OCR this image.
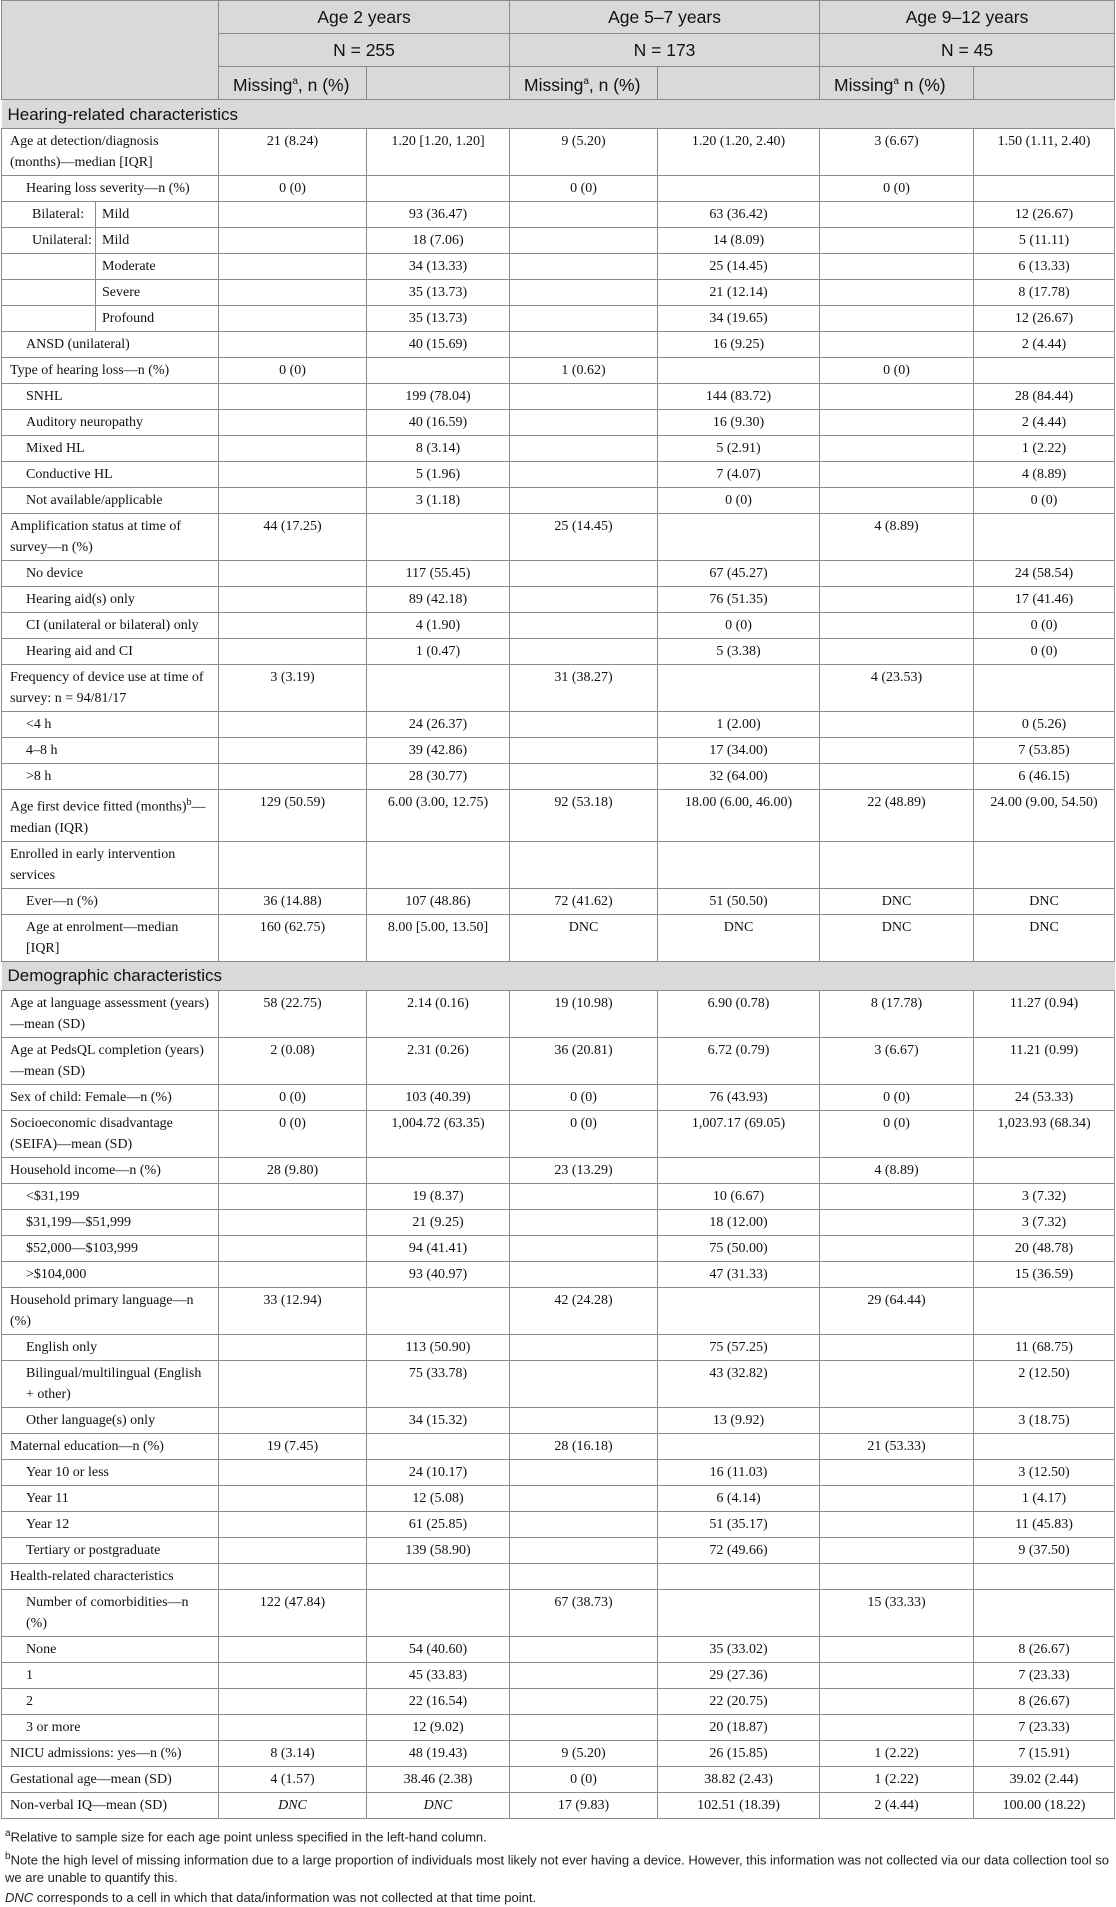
	Age 2 years		Age 5–7 years		Age 9–12 years	
	N = 255		N = 173		N = 45	
	Missing$^a$, n (%)		Missing$^a$, n (%)		Missing$^a$ n (%)	
Hearing-related characteristics						
Age at detection/diagnosis (months)—median [IQR]	21 (8.24)	1.20 [1.20, 1.20]	9 (5.20)	1.20 (1.20, 2.40)	3 (6.67)	1.50 (1.11, 2.40)
Hearing loss severity—n (%)	0 (0)		0 (0)		0 (0)	

Bilateral: Mild		93 (36.47)		63 (36.42)		12 (26.67)

Unilateral: Mild		18 (7.06)		14 (8.09)		5 (11.11)

Moderate		34 (13.33)		25 (14.45)		6 (13.33)

Severe		35 (13.73)		21 (12.14)		8 (17.78)

Profound		35 (13.73)		34 (19.65)		12 (26.67)
ANSD (unilateral)		40 (15.69)		16 (9.25)		2 (4.44)
Type of hearing loss—n (%)	0 (0)		1 (0.62)		0 (0)	
SNHL		199 (78.04)		144 (83.72)		28 (84.44)
Auditory neuropathy		40 (16.59)		16 (9.30)		2 (4.44)
Mixed HL		8 (3.14)		5 (2.91)		1 (2.22)
Conductive HL		5 (1.96)		7 (4.07)		4 (8.89)
Not available/applicable		3 (1.18)		0 (0)		0 (0)
Amplification status at time of survey—n (%)	44 (17.25)		25 (14.45)		4 (8.89)	
No device		117 (55.45)		67 (45.27)		24 (58.54)
Hearing aid(s) only		89 (42.18)		76 (51.35)		17 (41.46)
CI (unilateral or bilateral) only		4 (1.90)		0 (0)		0 (0)
Hearing aid and CI		1 (0.47)		5 (3.38)		0 (0)
Frequency of device use at time of survey: n = 94/81/17	3 (3.19)		31 (38.27)		4 (23.53)	
<4 h		24 (26.37)		1 (2.00)		0 (5.26)
4–8 h		39 (42.86)		17 (34.00)		7 (53.85)
>8 h		28 (30.77)		32 (64.00)		6 (46.15)
Age first device fitted (months)$^b$—median (IQR)	129 (50.59)	6.00 (3.00, 12.75)	92 (53.18)	18.00 (6.00, 46.00)	22 (48.89)	24.00 (9.00, 54.50)
Enrolled in early intervention services						
Ever—n (%)	36 (14.88)	107 (48.86)	72 (41.62)	51 (50.50)	DNC	DNC
Age at enrolment—median [IQR]	160 (62.75)	8.00 [5.00, 13.50]	DNC	DNC	DNC	DNC
Demographic characteristics						
Age at language assessment (years)—mean (SD)	58 (22.75)	2.14 (0.16)	19 (10.98)	6.90 (0.78)	8 (17.78)	11.27 (0.94)
Age at PedsQL completion (years)—mean (SD)	2 (0.08)	2.31 (0.26)	36 (20.81)	6.72 (0.79)	3 (6.67)	11.21 (0.99)
Sex of child: Female—n (%)	0 (0)	103 (40.39)	0 (0)	76 (43.93)	0 (0)	24 (53.33)
Socioeconomic disadvantage (SEIFA)—mean (SD)	0 (0)	1,004.72 (63.35)	0 (0)	1,007.17 (69.05)	0 (0)	1,023.93 (68.34)
Household income—n (%)	28 (9.80)		23 (13.29)		4 (8.89)	
<$31,199		19 (8.37)		10 (6.67)		3 (7.32)
$31,199—$51,999		21 (9.25)		18 (12.00)		3 (7.32)
$52,000—$103,999		94 (41.41)		75 (50.00)		20 (48.78)
>$104,000		93 (40.97)		47 (31.33)		15 (36.59)
Household primary language—n (%)	33 (12.94)		42 (24.28)		29 (64.44)	
English only		113 (50.90)		75 (57.25)		11 (68.75)
Bilingual/multilingual (English + other)		75 (33.78)		43 (32.82)		2 (12.50)
Other language(s) only		34 (15.32)		13 (9.92)		3 (18.75)
Maternal education—n (%)	19 (7.45)		28 (16.18)		21 (53.33)	
Year 10 or less		24 (10.17)		16 (11.03)		3 (12.50)
Year 11		12 (5.08)		6 (4.14)		1 (4.17)
Year 12		61 (25.85)		51 (35.17)		11 (45.83)
Tertiary or postgraduate		139 (58.90)		72 (49.66)		9 (37.50)
Health-related characteristics						
Number of comorbidities—n (%)	122 (47.84)		67 (38.73)		15 (33.33)	
None		54 (40.60)		35 (33.02)		8 (26.67)
1		45 (33.83)		29 (27.36)		7 (23.33)
2		22 (16.54)		22 (20.75)		8 (26.67)
3 or more		12 (9.02)		20 (18.87)		7 (23.33)
NICU admissions: yes—n (%)	8 (3.14)	48 (19.43)	9 (5.20)	26 (15.85)	1 (2.22)	7 (15.91)
Gestational age—mean (SD)	4 (1.57)	38.46 (2.38)	0 (0)	38.82 (2.43)	1 (2.22)	39.02 (2.44)
Non-verbal IQ—mean (SD)	DNC	DNC	17 (9.83)	102.51 (18.39)	2 (4.44)	100.00 (18.22)

$^a$Relative to sample size for each age point unless specified in the left-hand column.

$^b$Note the high level of missing information due to a large proportion of individuals most likely not ever having a device. However, this information was not collected via our data collection tool so we are unable to quantify this.

DNC corresponds to a cell in which that data/information was not collected at that time point.
